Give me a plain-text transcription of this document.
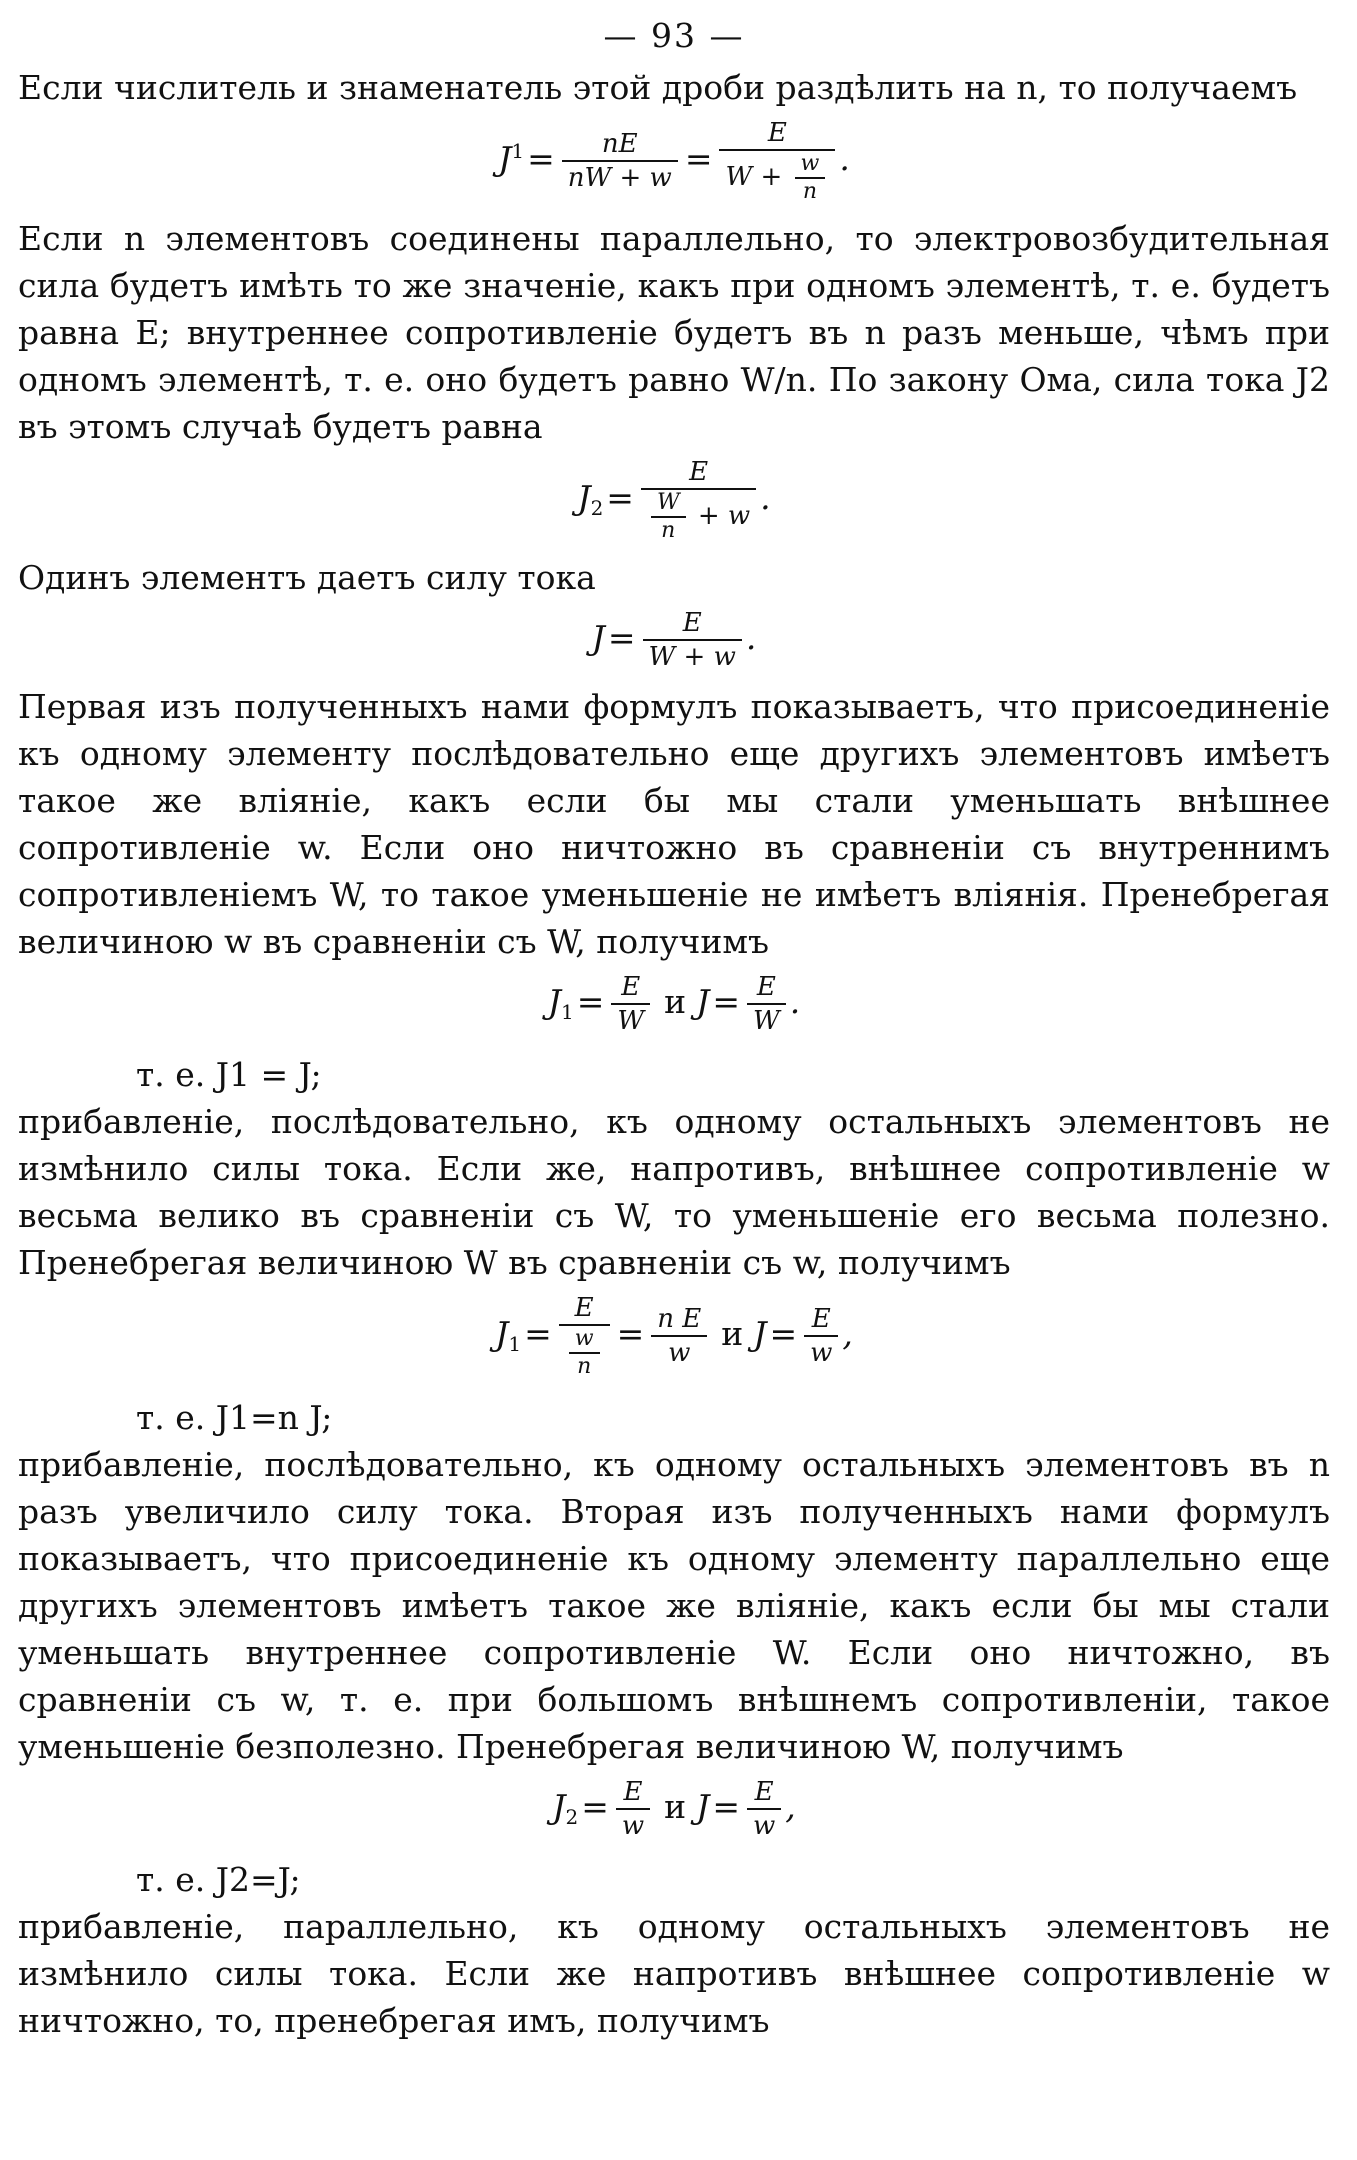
— 93 —

Если числитель и знаменатель этой дроби раздѣлить на n, то получаемъ

$J^1= \frac{nE}{nW + w} = \frac{E}{W + \frac{w}{n}}$ .

Если n элементовъ соединены параллельно, то электровозбудительная сила будетъ имѣть то же значенiе, какъ при одномъ элементѣ, т. е. будетъ равна E; внутреннее сопротивленiе будетъ въ n разъ меньше, чѣмъ при одномъ элементѣ, т. е. оно будетъ равно W/n. По закону Ома, сила тока J2 въ этомъ случаѣ будетъ равна

$J_2= \frac{E}{\frac{W}{n} + w}$ .

Одинъ элементъ даетъ силу тока

$J= \frac{E}{W + w}$ .

Первая изъ полученныхъ нами формулъ показываетъ, что присоединенiе къ одному элементу послѣдовательно еще другихъ элементовъ имѣетъ такое же влiянiе, какъ если бы мы стали уменьшать внѣшнее сопротивленiе w. Если оно ничтожно въ сравненiи съ внутреннимъ сопротивленiемъ W, то такое уменьшенiе не имѣетъ влiянiя. Пренебрегая величиною w въ сравненiи съ W, получимъ

$J_1= \frac{E}{W}$ и $J= \frac{E}{W}$ .

т. е. J1 = J;

прибавленiе, послѣдовательно, къ одному остальныхъ элементовъ не измѣнило силы тока. Если же, напротивъ, внѣшнее сопротивленiе w весьма велико въ сравненiи съ W, то уменьшенiе его весьма полезно. Пренебрегая величиною W въ сравненiи съ w, получимъ

$J_1= \frac{E}{\frac{w}{n}} = \frac{\text{n E}}{w}$ и $J= \frac{E}{w}$ ,

т. е. J1=n J;

прибавленiе, послѣдовательно, къ одному остальныхъ элементовъ въ n разъ увеличило силу тока. Вторая изъ полученныхъ нами формулъ показываетъ, что присоединенiе къ одному элементу параллельно еще другихъ элементовъ имѣетъ такое же влiянiе, какъ если бы мы стали уменьшать внутреннее сопротивленiе W. Если оно ничтожно, въ сравненiи съ w, т. е. при большомъ внѣшнемъ сопротивленiи, такое уменьшенiе безполезно. Пренебрегая величиною W, получимъ

$J_2= \frac{E}{w}$ и $J= \frac{E}{w}$ ,

т. е. J2=J;

прибавленiе, параллельно, къ одному остальныхъ элементовъ не измѣнило силы тока. Если же напротивъ внѣшнее сопротивленiе w ничтожно, то, пренебрегая имъ, получимъ
